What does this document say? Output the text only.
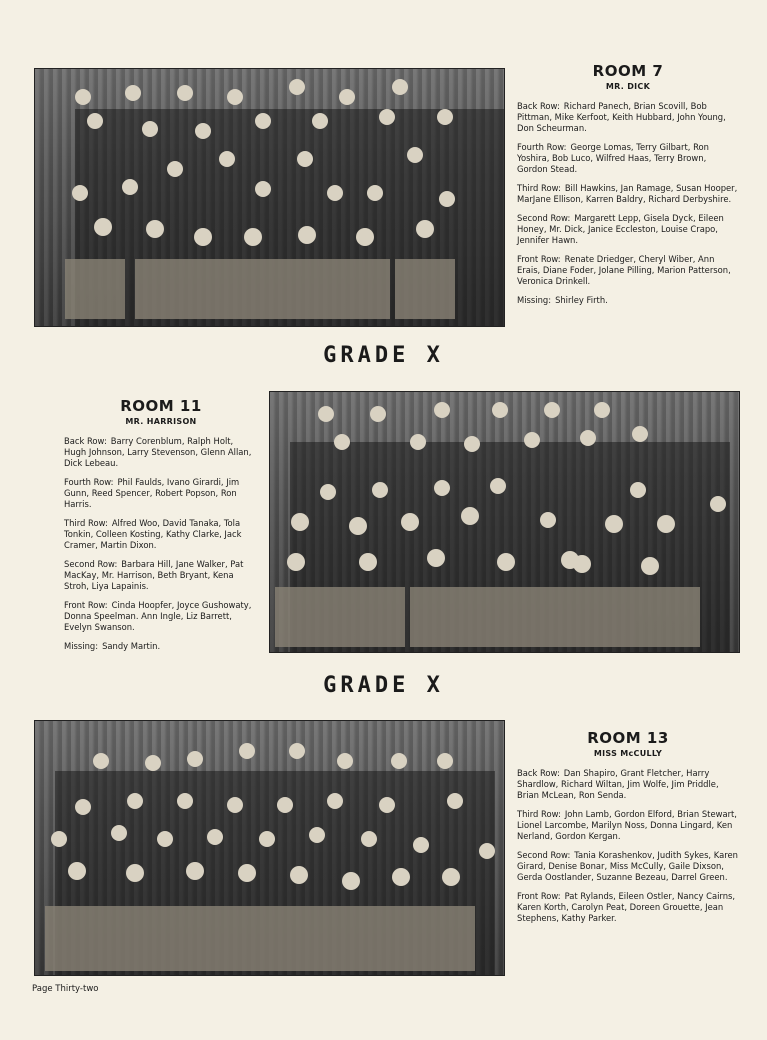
ROOM 7
MR. DICK
Back Row: Richard Panech, Brian Scovill, Bob Pittman, Mike Kerfoot, Keith Hubbard, John Young, Don Scheurman.
Fourth Row: George Lomas, Terry Gilbart, Ron Yoshira, Bob Luco, Wilfred Haas, Terry Brown, Gordon Stead.
Third Row: Bill Hawkins, Jan Ramage, Susan Hooper, MarJane Ellison, Karren Baldry, Richard Derbyshire.
Second Row: Margarett Lepp, Gisela Dyck, Eileen Honey, Mr. Dick, Janice Eccleston, Louise Crapo, Jennifer Hawn.
Front Row: Renate Driedger, Cheryl Wiber, Ann Erais, Diane Foder, Jolane Pilling, Marion Patterson, Veronica Drinkell.
Missing: Shirley Firth.
GRADE X
ROOM 11
MR. HARRISON
Back Row: Barry Corenblum, Ralph Holt, Hugh Johnson, Larry Stevenson, Glenn Allan, Dick Lebeau.
Fourth Row: Phil Faulds, Ivano Girardi, Jim Gunn, Reed Spencer, Robert Popson, Ron Harris.
Third Row: Alfred Woo, David Tanaka, Tola Tonkin, Colleen Kosting, Kathy Clarke, Jack Cramer, Martin Dixon.
Second Row: Barbara Hill, Jane Walker, Pat MacKay, Mr. Harrison, Beth Bryant, Kena Stroh, Liya Lapainis.
Front Row: Cinda Hoopfer, Joyce Gushowaty, Donna Speelman. Ann Ingle, Liz Barrett, Evelyn Swanson.
Missing: Sandy Martin.
GRADE X
ROOM 13
MISS McCULLY
Back Row: Dan Shapiro, Grant Fletcher, Harry Shardlow, Richard Wiltan, Jim Wolfe, Jim Priddle, Brian McLean, Ron Senda.
Third Row: John Lamb, Gordon Elford, Brian Stewart, Lionel Larcombe, Marilyn Noss, Donna Lingard, Ken Nerland, Gordon Kergan.
Second Row: Tania Korashenkov, Judith Sykes, Karen Girard, Denise Bonar, Miss McCully, Gaile Dixson, Gerda Oostlander, Suzanne Bezeau, Darrel Green.
Front Row: Pat Rylands, Eileen Ostler, Nancy Cairns, Karen Korth, Carolyn Peat, Doreen Grouette, Jean Stephens, Kathy Parker.
Page Thirty-two
